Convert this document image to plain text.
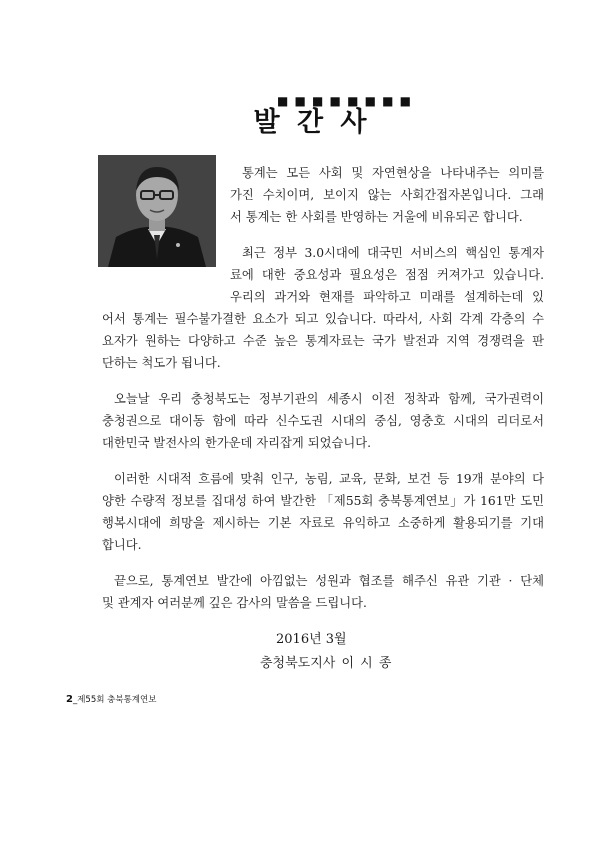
■ ■ ■ ■ ■ ■ ■ ■
발 간 사
통계는 모든 사회 및 자연현상을 나타내주는 의미를
가진 수치이며, 보이지 않는 사회간접자본입니다. 그래
서 통계는 한 사회를 반영하는 거울에 비유되곤 합니다.
최근 정부 3.0시대에 대국민 서비스의 핵심인 통계자
료에 대한 중요성과 필요성은 점점 커져가고 있습니다.
우리의 과거와 현재를 파악하고 미래를 설계하는데 있
어서 통계는 필수불가결한 요소가 되고 있습니다. 따라서, 사회 각계 각층의 수
요자가 원하는 다양하고 수준 높은 통계자료는 국가 발전과 지역 경쟁력을 판
단하는 척도가 됩니다.
오늘날 우리 충청북도는 정부기관의 세종시 이전 정착과 함께, 국가권력이
충청권으로 대이동 함에 따라 신수도권 시대의 중심, 영충호 시대의 리더로서
대한민국 발전사의 한가운데 자리잡게 되었습니다.
이러한 시대적 흐름에 맞춰 인구, 농림, 교육, 문화, 보건 등 19개 분야의 다
양한 수량적 정보를 집대성 하여 발간한 「제55회 충북통계연보」가 161만 도민
행복시대에 희망을 제시하는 기본 자료로 유익하고 소중하게 활용되기를 기대
합니다.
끝으로, 통계연보 발간에 아낌없는 성원과 협조를 해주신 유관 기관 · 단체
및 관계자 여러분께 깊은 감사의 말씀을 드립니다.
2016년 3월
충청북도지사 이 시 종
2_제55회 충북통계연보
